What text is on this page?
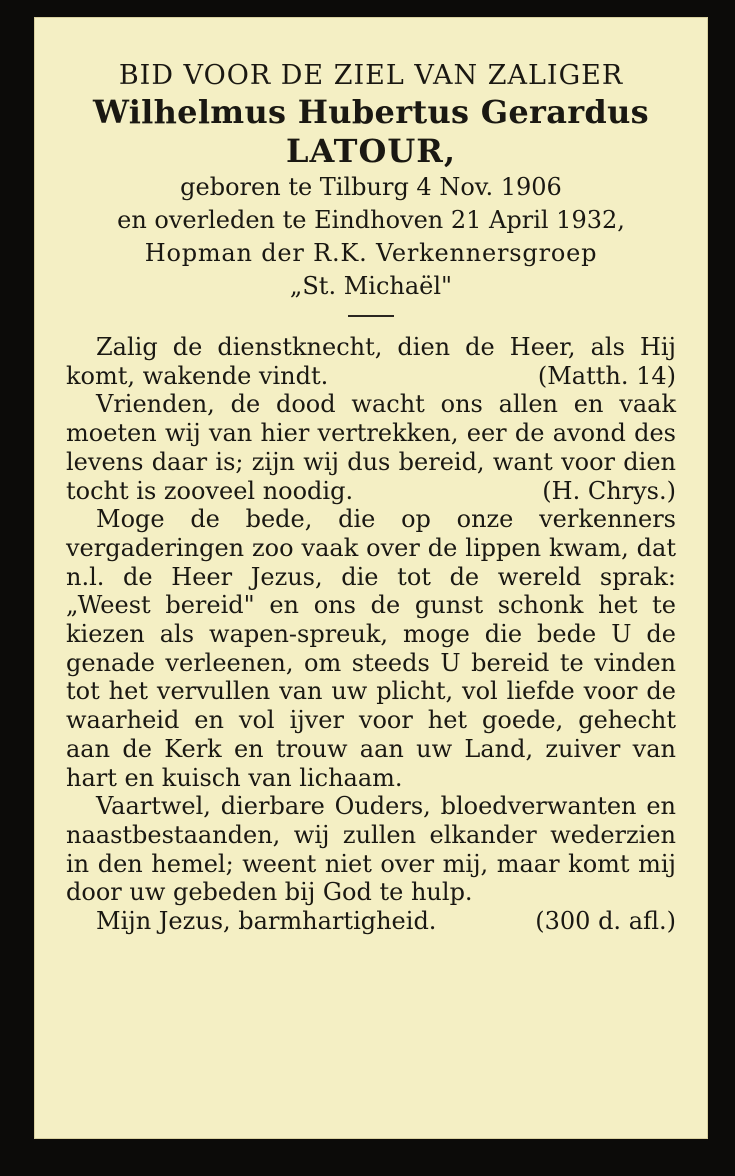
BID VOOR DE ZIEL VAN ZALIGER
Wilhelmus Hubertus Gerardus
LATOUR,
geboren te Tilburg 4 Nov. 1906
en overleden te Eindhoven 21 April 1932,
Hopman der R.K. Verkennersgroep
„St. Michaël"

Zalig de dienstknecht, dien de Heer, als Hij komt, wakende vindt.	(Matth. 14)

Vrienden, de dood wacht ons allen en vaak moeten wij van hier vertrekken, eer de avond des levens daar is; zijn wij dus bereid, want voor dien tocht is zooveel noodig.	(H. Chrys.)

Moge de bede, die op onze verkenners vergaderingen zoo vaak over de lippen kwam, dat n.l. de Heer Jezus, die tot de wereld sprak: „Weest bereid" en ons de gunst schonk het te kiezen als wapen-spreuk, moge die bede U de genade verleenen, om steeds U bereid te vinden tot het vervullen van uw plicht, vol liefde voor de waarheid en vol ijver voor het goede, gehecht aan de Kerk en trouw aan uw Land, zuiver van hart en kuisch van lichaam.

Vaartwel, dierbare Ouders, bloedverwanten en naastbestaanden, wij zullen elkander wederzien in den hemel; weent niet over mij, maar komt mij door uw gebeden bij God te hulp.

Mijn Jezus, barmhartigheid.	(300 d. afl.)
